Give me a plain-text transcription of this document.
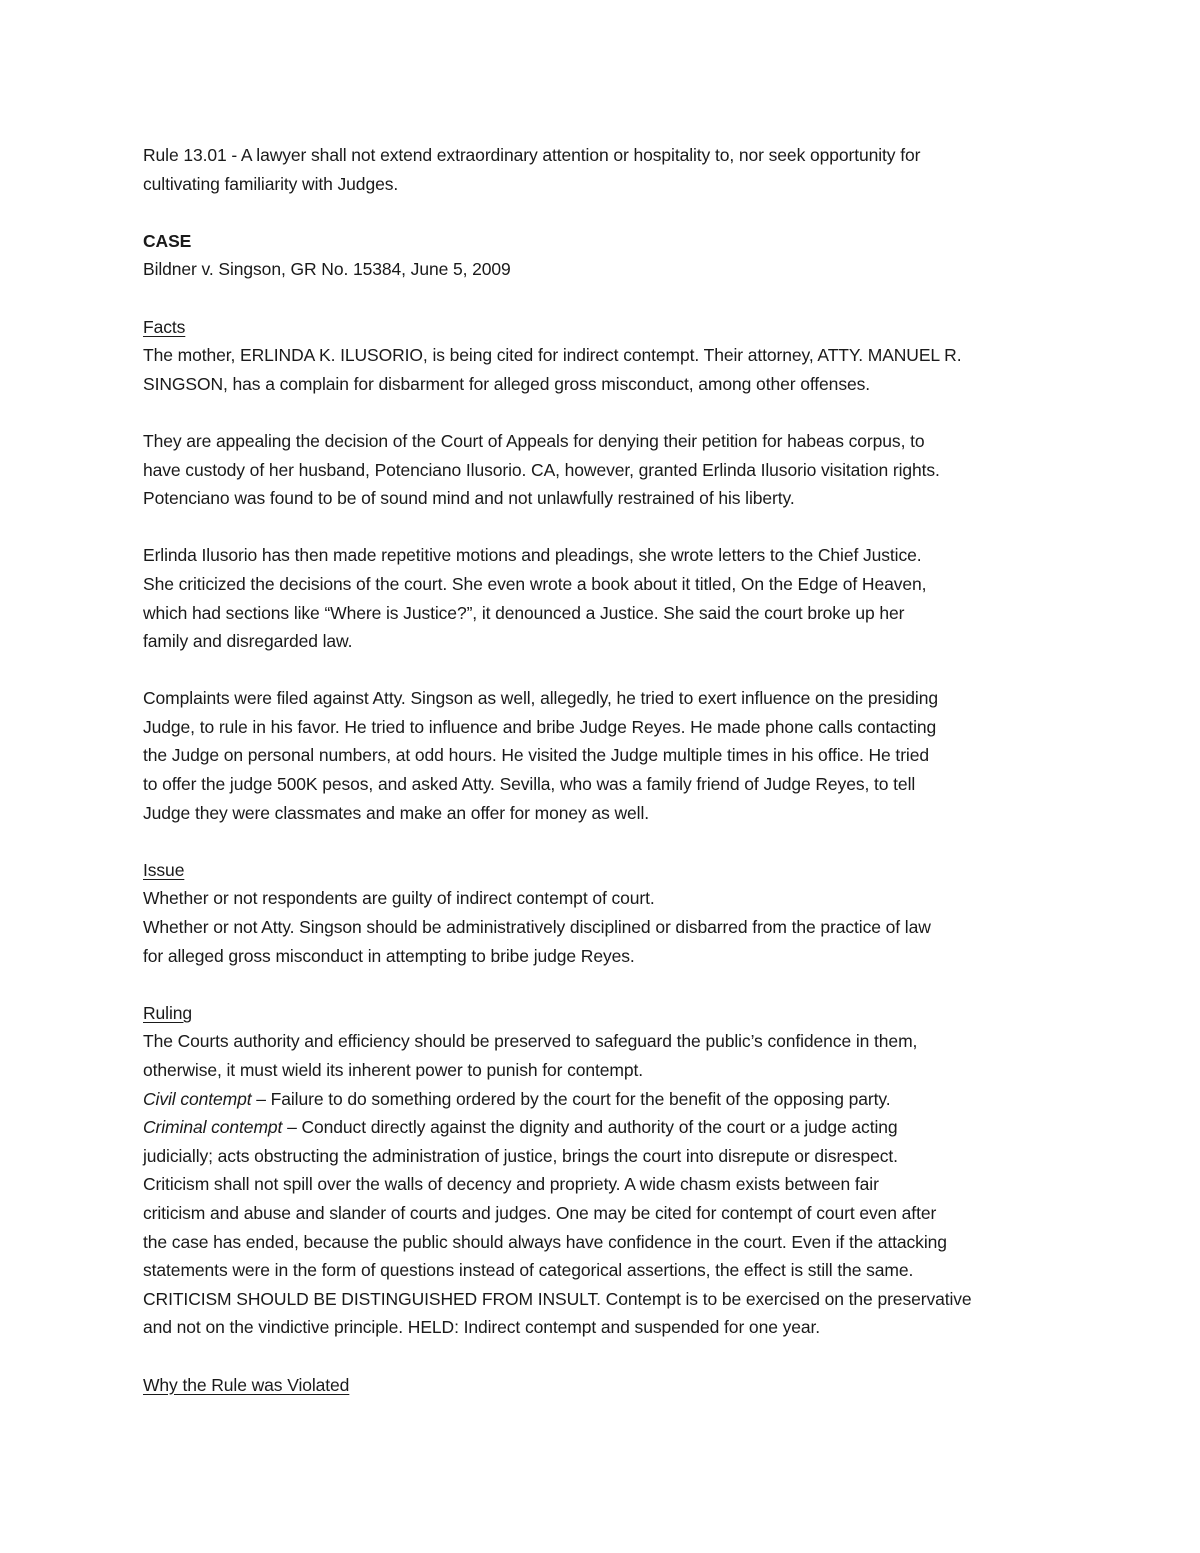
Rule 13.01 - A lawyer shall not extend extraordinary attention or hospitality to, nor seek opportunity for
cultivating familiarity with Judges.
CASE
Bildner v. Singson, GR No. 15384, June 5, 2009
Facts
The mother, ERLINDA K. ILUSORIO, is being cited for indirect contempt. Their attorney, ATTY. MANUEL R.
SINGSON, has a complain for disbarment for alleged gross misconduct, among other offenses.
They are appealing the decision of the Court of Appeals for denying their petition for habeas corpus, to
have custody of her husband, Potenciano Ilusorio. CA, however, granted Erlinda Ilusorio visitation rights.
Potenciano was found to be of sound mind and not unlawfully restrained of his liberty.
Erlinda Ilusorio has then made repetitive motions and pleadings, she wrote letters to the Chief Justice.
She criticized the decisions of the court. She even wrote a book about it titled, On the Edge of Heaven,
which had sections like “Where is Justice?”, it denounced a Justice. She said the court broke up her
family and disregarded law.
Complaints were filed against Atty. Singson as well, allegedly, he tried to exert influence on the presiding
Judge, to rule in his favor. He tried to influence and bribe Judge Reyes. He made phone calls contacting
the Judge on personal numbers, at odd hours. He visited the Judge multiple times in his office. He tried
to offer the judge 500K pesos, and asked Atty. Sevilla, who was a family friend of Judge Reyes, to tell
Judge they were classmates and make an offer for money as well.
Issue
Whether or not respondents are guilty of indirect contempt of court.
Whether or not Atty. Singson should be administratively disciplined or disbarred from the practice of law
for alleged gross misconduct in attempting to bribe judge Reyes.
Ruling
The Courts authority and efficiency should be preserved to safeguard the public’s confidence in them,
otherwise, it must wield its inherent power to punish for contempt.
Civil contempt – Failure to do something ordered by the court for the benefit of the opposing party.
Criminal contempt – Conduct directly against the dignity and authority of the court or a judge acting
judicially; acts obstructing the administration of justice, brings the court into disrepute or disrespect.
Criticism shall not spill over the walls of decency and propriety. A wide chasm exists between fair
criticism and abuse and slander of courts and judges. One may be cited for contempt of court even after
the case has ended, because the public should always have confidence in the court. Even if the attacking
statements were in the form of questions instead of categorical assertions, the effect is still the same.
CRITICISM SHOULD BE DISTINGUISHED FROM INSULT. Contempt is to be exercised on the preservative
and not on the vindictive principle. HELD: Indirect contempt and suspended for one year.
Why the Rule was Violated
